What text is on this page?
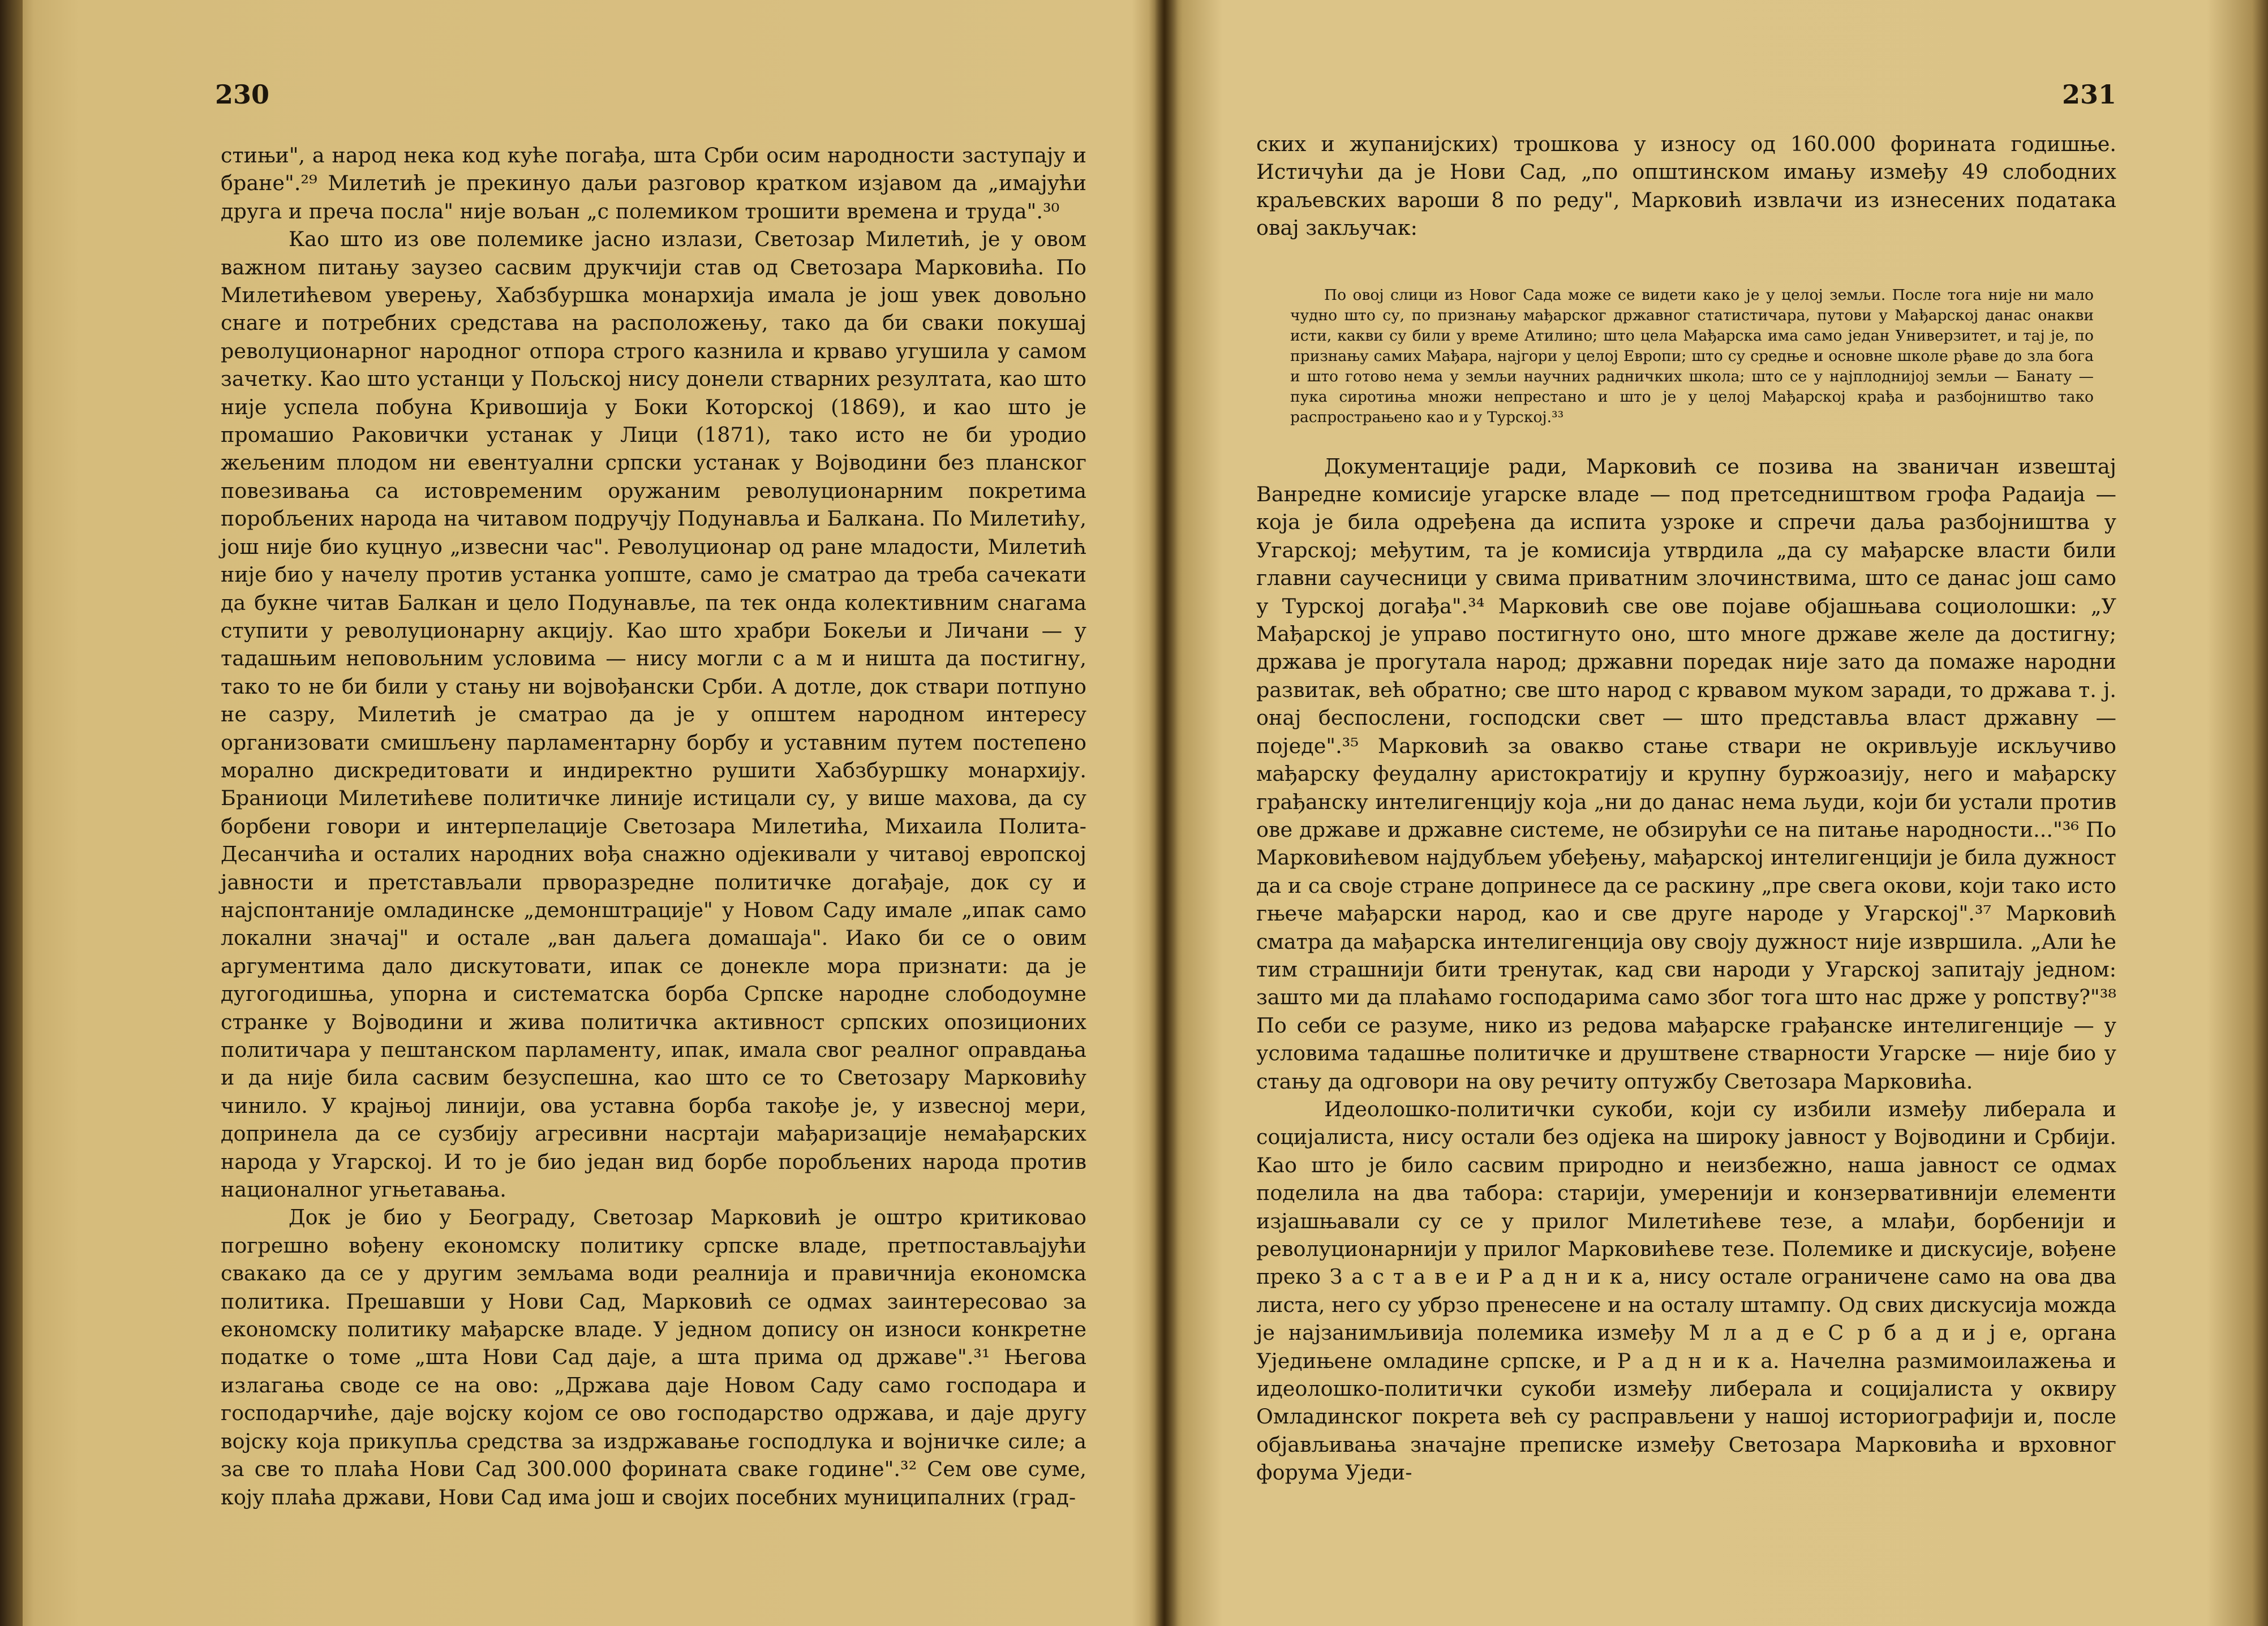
230

стињи", а народ нека код куће погађа, шта Срби осим народности заступају и бране".²⁹ Милетић је прекинуо даљи разговор кратком изјавом да „имајући друга и преча посла" није вољан „с полемиком трошити времена и труда".³⁰

Као што из ове полемике јасно излази, Светозар Милетић, је у овом важном питању заузео сасвим друкчији став од Светозара Марковића. По Милетићевом уверењу, Хабзбуршка монархија имала је још увек довољно снаге и потребних средстава на расположењу, тако да би сваки покушај револуционарног народног отпора строго казнила и крваво угушила у самом зачетку. Као што устанци у Пољској нису донели стварних резултата, као што није успела побуна Кривошија у Боки Которској (1869), и као што је промашио Раковички устанак у Лици (1871), тако исто не би уродио жељеним плодом ни евентуални српски устанак у Војводини без планског повезивања са истовременим оружаним револуционарним покретима поробљених народа на читавом подручју Подунавља и Балкана. По Милетићу, још није био куцнуо „извесни час". Револуционар од ране младости, Милетић није био у начелу против устанка уопште, само је сматрао да треба сачекати да букне читав Балкан и цело Подунавље, па тек онда колективним снагама ступити у револуционарну акцију. Као што храбри Бокељи и Личани — у тадашњим неповољним условима — нису могли с а м и ништа да постигну, тако то не би били у стању ни војвођански Срби. А дотле, док ствари потпуно не сазру, Милетић је сматрао да је у општем народном интересу организовати смишљену парламентарну борбу и уставним путем постепено морално дискредитовати и индиректно рушити Хабзбуршку монархију. Браниоци Милетићеве политичке линије истицали су, у више махова, да су борбени говори и интерпелације Светозара Милетића, Михаила Полита-Десанчића и осталих народних вођа снажно одјекивали у читавој европској јавности и претстављали прворазредне политичке догађаје, док су и најспонтаније омладинске „демонштрације" у Новом Саду имале „ипак само локални значај" и остале „ван даљега домашаја". Иако би се о овим аргументима дало дискутовати, ипак се донекле мора признати: да је дугогодишња, упорна и систематска борба Српске народне слободоумне странке у Војводини и жива политичка активност српских опозиционих политичара у пештанском парламенту, ипак, имала свог реалног оправдања и да није била сасвим безуспешна, као што се то Светозару Марковићу чинило. У крајњој линији, ова уставна борба такође је, у извесној мери, допринела да се сузбију агресивни насртаји мађаризације немађарских народа у Угарској. И то је био један вид борбе поробљених народа против националног угњетавања.

Док је био у Београду, Светозар Марковић је оштро критиковао погрешно вођену економску политику српске владе, претпостављајући свакако да се у другим земљама води реалнија и правичнија економска политика. Прешавши у Нови Сад, Марковић се одмах заинтересовао за економску политику мађарске владе. У једном допису он износи конкретне податке о томе „шта Нови Сад даје, а шта прима од државе".³¹ Његова излагања своде се на ово: „Држава даје Новом Саду само господара и господарчиће, даје војску којом се ово господарство одржава, и даје другу војску која прикупља средства за издржавање господлука и војничке силе; а за све то плаћа Нови Сад 300.000 форината сваке године".³² Сем ове суме, коју плаћа држави, Нови Сад има још и својих посебних муниципалних (град-

231

ских и жупанијских) трошкова у износу од 160.000 форината годишње. Истичући да је Нови Сад, „по општинском имању између 49 слободних краљевских вароши 8 по реду", Марковић извлачи из изнесених података овај закључак:

По овој слици из Новог Сада може се видети како је у целој земљи. После тога није ни мало чудно што су, по признању мађарског државног статистичара, путови у Мађарској данас онакви исти, какви су били у време Атилино; што цела Мађарска има само један Универзитет, и тај је, по признању самих Мађара, најгори у целој Европи; што су средње и основне школе рђаве до зла бога и што готово нема у земљи научних радничких школа; што се у најплоднијој земљи — Банату — пука сиротиња множи непрестано и што је у целој Мађарској крађа и разбојништво тако распрострањено као и у Турској.³³

Документације ради, Марковић се позива на званичан извештај Ванредне комисије угарске владе — под претседништвом грофа Радаија — која је била одређена да испита узроке и спречи даља разбојништва у Угарској; међутим, та је комисија утврдила „да су мађарске власти били главни саучесници у свима приватним злочинствима, што се данас још само у Турској догађа".³⁴ Марковић све ове појаве објашњава социолошки: „У Мађарској је управо постигнуто оно, што многе државе желе да достигну; држава је прогутала народ; државни поредак није зато да помаже народни развитак, већ обратно; све што народ с крвавом муком заради, то држава т. ј. онај беспослени, господски свет — што представља власт државну — поједе".³⁵ Марковић за овакво стање ствари не окривљује искључиво мађарску феудалну аристократију и крупну буржоазију, него и мађарску грађанску интелигенцију која „ни до данас нема људи, који би устали против ове државе и државне системе, не обзирући се на питање народности..."³⁶ По Марковићевом најдубљем убеђењу, мађарској интелигенцији је била дужност да и са своје стране допринесе да се раскину „пре свега окови, који тако исто гњече мађарски народ, као и све друге народе у Угарској".³⁷ Марковић сматра да мађарска интелигенција ову своју дужност није извршила. „Али ће тим страшнији бити тренутак, кад сви народи у Угарској запитају једном: зашто ми да плаћамо господарима само због тога што нас држе у ропству?"³⁸ По себи се разуме, нико из редова мађарске грађанске интелигенције — у условима тадашње политичке и друштвене стварности Угарске — није био у стању да одговори на ову речиту оптужбу Светозара Марковића.

Идеолошко-политички сукоби, који су избили између либерала и социјалиста, нису остали без одјека на широку јавност у Војводини и Србији. Као што је било сасвим природно и неизбежно, наша јавност се одмах поделила на два табора: старији, умеренији и конзервативнији елементи изјашњавали су се у прилог Милетићеве тезе, а млађи, борбенији и револуционарнији у прилог Марковићеве тезе. Полемике и дискусије, вођене преко З а с т а в е и Р а д н и к а, нису остале ограничене само на ова два листа, него су убрзо пренесене и на осталу штампу. Од свих дискусија можда је најзанимљивија полемика између М л а д е С р б а д и ј е, органа Уједињене омладине српске, и Р а д н и к а. Начелна размимоилажења и идеолошко-политички сукоби између либерала и социјалиста у оквиру Омладинског покрета већ су расправљени у нашој историографији и, после објављивања значајне преписке између Светозара Марковића и врховног форума Уједи-
